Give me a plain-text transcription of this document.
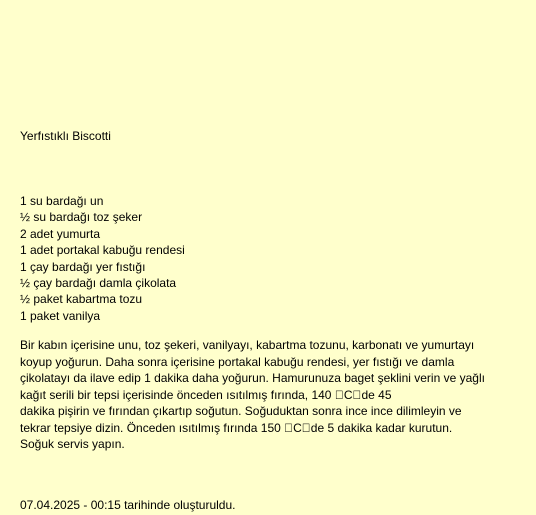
Yerfıstıklı Biscotti
1 su bardağı un
½ su bardağı toz şeker
2 adet yumurta
1 adet portakal kabuğu rendesi
1 çay bardağı yer fıstığı
½ çay bardağı damla çikolata
½ paket kabartma tozu
1 paket vanilya
Bir kabın içerisine unu, toz şekeri, vanilyayı, kabartma tozunu, karbonatı ve yumurtayı
koyup yoğurun. Daha sonra içerisine portakal kabuğu rendesi, yer fıstığı ve damla
çikolatayı da ilave edip 1 dakika daha yoğurun. Hamurunuza baget şeklini verin ve yağlı
kağıt serili bir tepsi içerisinde önceden ısıtılmış fırında, 140  C de 45
dakika pişirin ve fırından çıkartıp soğutun. Soğuduktan sonra ince ince dilimleyin ve
tekrar tepsiye dizin. Önceden ısıtılmış fırında 150  C de 5 dakika kadar kurutun.
Soğuk servis yapın.
07.04.2025 - 00:15 tarihinde oluşturuldu.
